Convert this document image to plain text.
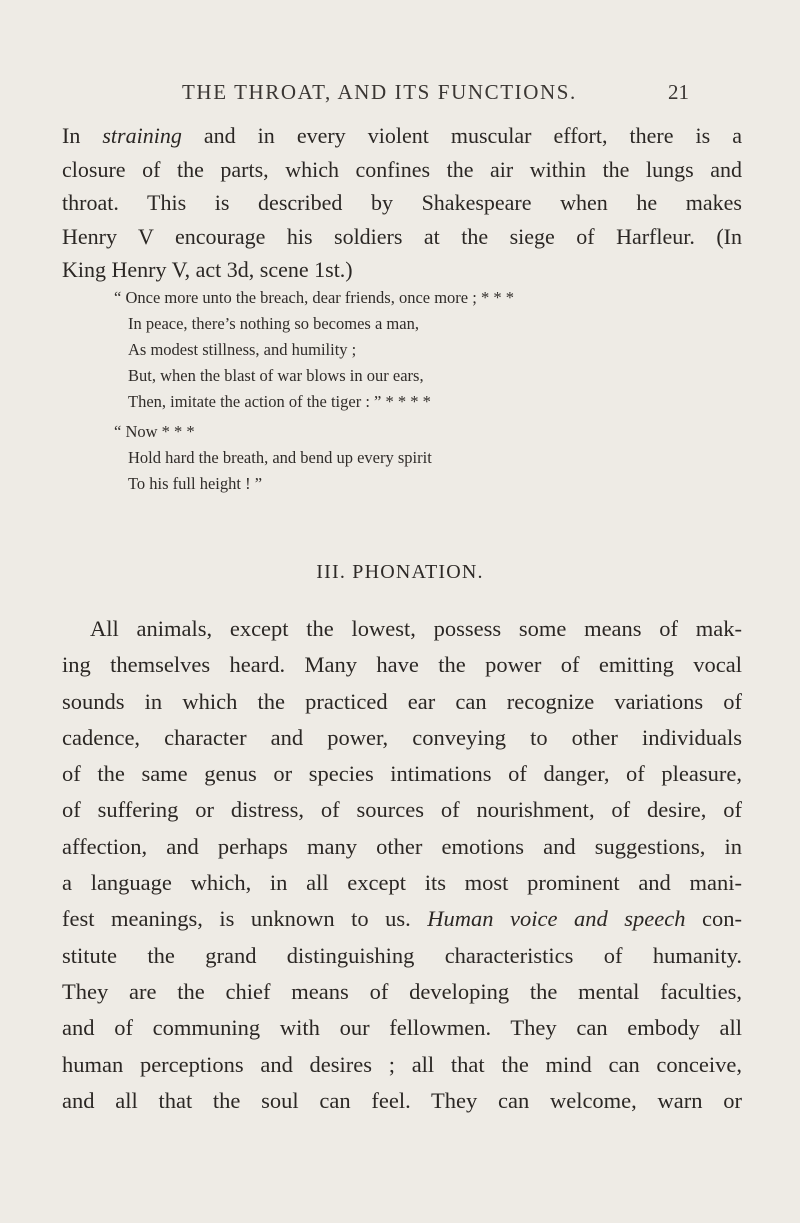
THE THROAT, AND ITS FUNCTIONS.	21
In straining and in every violent muscular effort, there is a
closure of the parts, which confines the air within the lungs and
throat. This is described by Shakespeare when he makes
Henry V encourage his soldiers at the siege of Harfleur. (In
King Henry V, act 3d, scene 1st.)
“ Once more unto the breach, dear friends, once more ; * * *
In peace, there’s nothing so becomes a man,
As modest stillness, and humility ;
But, when the blast of war blows in our ears,
Then, imitate the action of the tiger : ” * * * *
“ Now * * *
Hold hard the breath, and bend up every spirit
To his full height ! ”
III. PHONATION.
All animals, except the lowest, possess some means of mak-
ing themselves heard. Many have the power of emitting vocal
sounds in which the practiced ear can recognize variations of
cadence, character and power, conveying to other individuals
of the same genus or species intimations of danger, of pleasure,
of suffering or distress, of sources of nourishment, of desire, of
affection, and perhaps many other emotions and suggestions, in
a language which, in all except its most prominent and mani-
fest meanings, is unknown to us. Human voice and speech con-
stitute the grand distinguishing characteristics of humanity.
They are the chief means of developing the mental faculties,
and of communing with our fellowmen. They can embody all
human perceptions and desires ; all that the mind can conceive,
and all that the soul can feel. They can welcome, warn or
